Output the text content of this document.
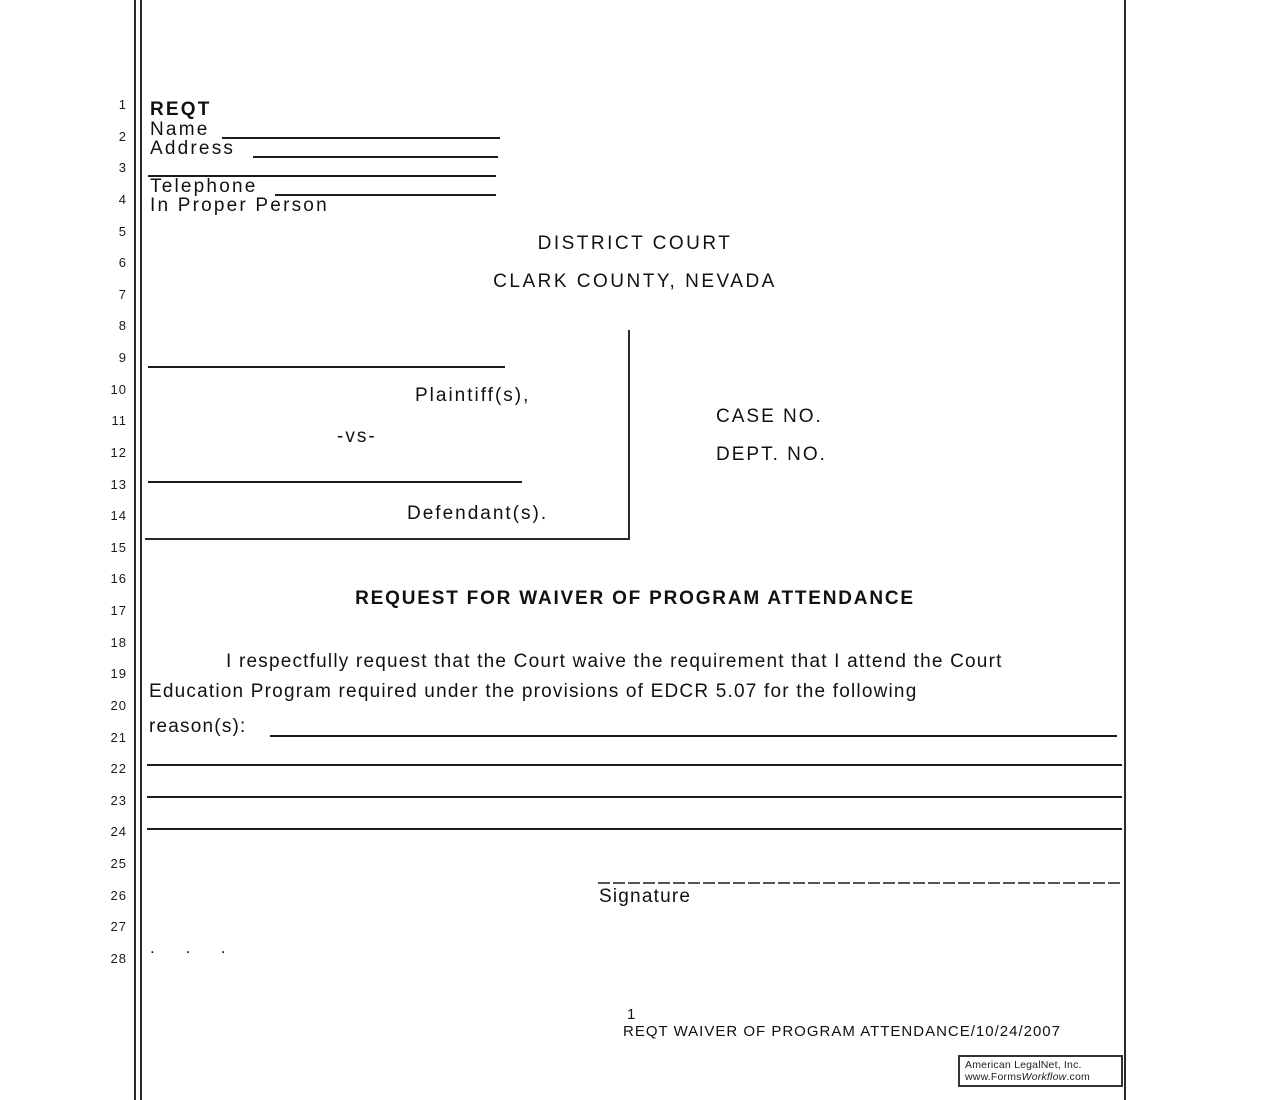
1
2
3
4
5
6
7
8
9
10
11
12
13
14
15
16
17
18
19
20
21
22
23
24
25
26
27
28
REQT
Name
Address
Telephone
In Proper Person
DISTRICT COURT
CLARK COUNTY, NEVADA
Plaintiff(s),
-vs-
Defendant(s).
CASE NO.
DEPT. NO.
REQUEST FOR WAIVER OF PROGRAM ATTENDANCE
I respectfully request that the Court waive the requirement that I attend the Court
Education Program required under the provisions of EDCR 5.07 for the following
reason(s):
Signature
. . .
1
REQT WAIVER OF PROGRAM ATTENDANCE/10/24/2007
American LegalNet, Inc.
www.FormsWorkflow.com
